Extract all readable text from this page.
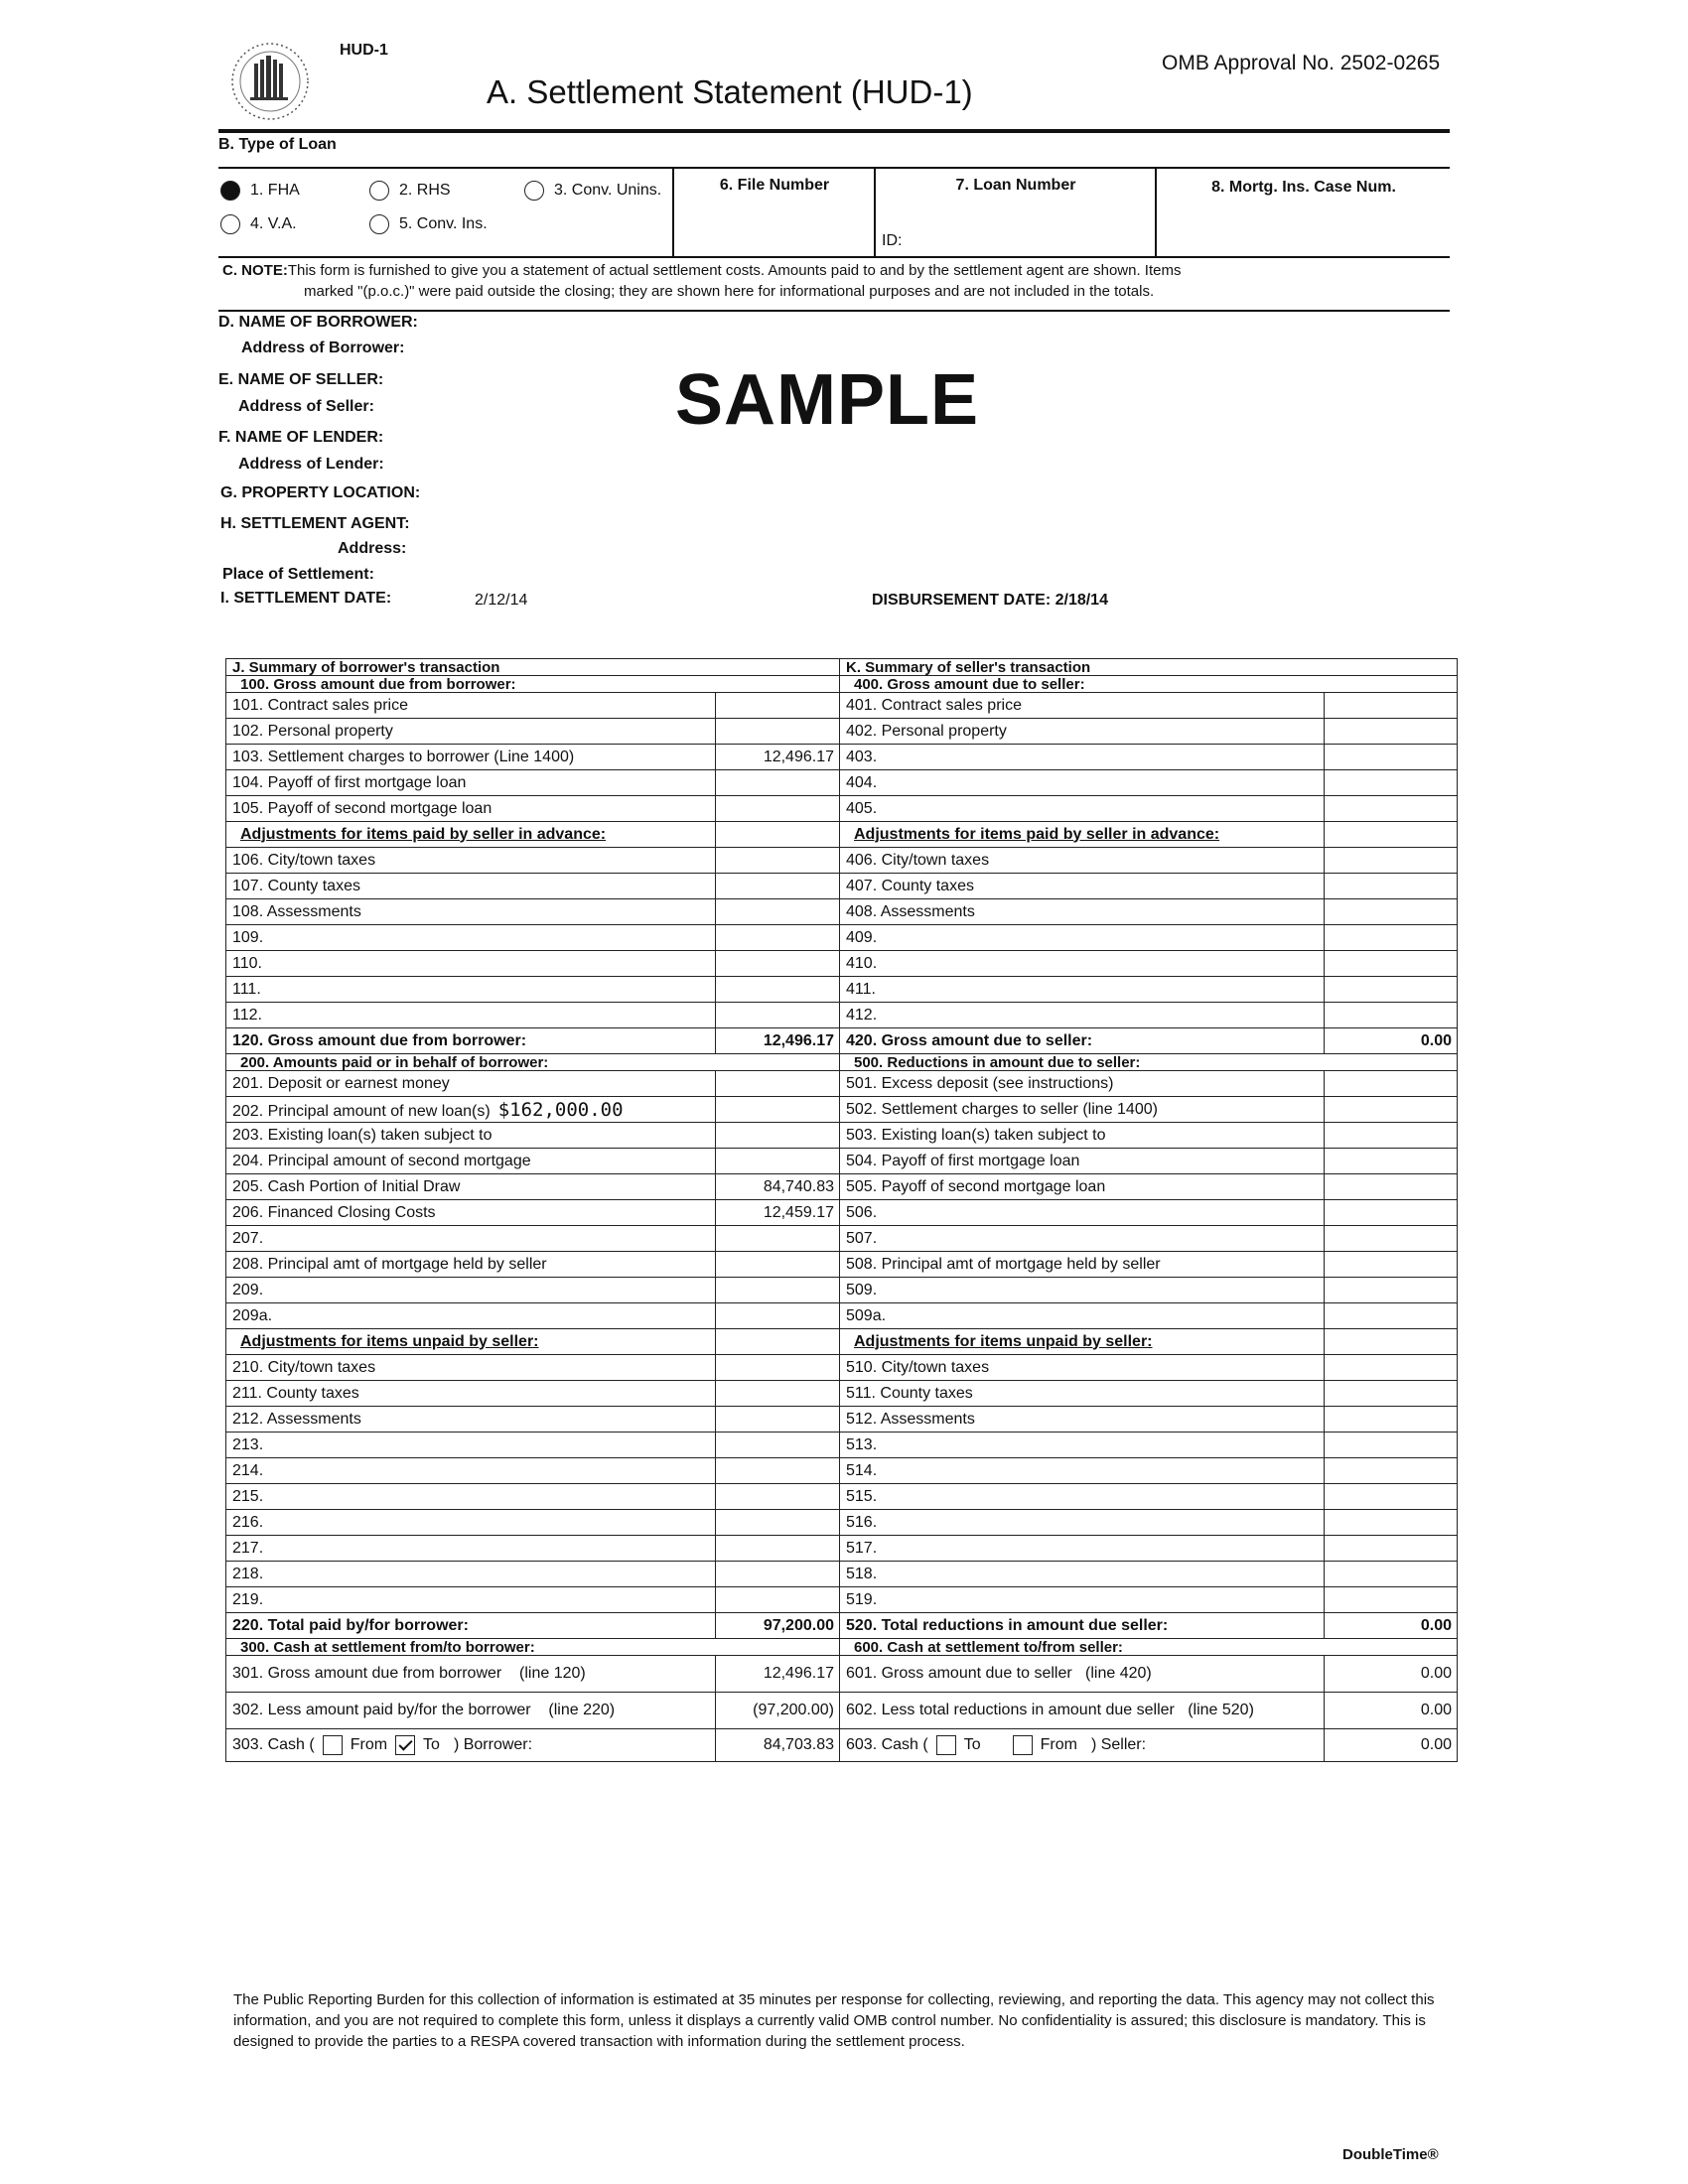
HUD-1
A. Settlement Statement (HUD-1)
OMB Approval No. 2502-0265
B. Type of Loan
1. FHA	2. RHS	3. Conv. Unins.
4. V.A.	5. Conv. Ins.
6. File Number	7. Loan Number
ID:
8. Mortg. Ins. Case Num.
C. NOTE:This form is furnished to give you a statement of actual settlement costs. Amounts paid to and by the settlement agent are shown. Items
marked "(p.o.c.)" were paid outside the closing; they are shown here for informational purposes and are not included in the totals.
D. NAME OF BORROWER:
Address of Borrower:
E. NAME OF SELLER:
Address of Seller:
F. NAME OF LENDER:
Address of Lender:
G. PROPERTY LOCATION:
H. SETTLEMENT AGENT:
Address:
Place of Settlement:
I. SETTLEMENT DATE:	2/12/14	DISBURSEMENT DATE: 2/18/14
SAMPLE
J. Summary of borrower's transaction		K. Summary of seller's transaction	
100. Gross amount due from borrower:		400. Gross amount due to seller:	
101. Contract sales price		401. Contract sales price	
102. Personal property		402. Personal property	
103. Settlement charges to borrower (Line 1400)	12,496.17	403.	
104. Payoff of first mortgage loan		404.	
105. Payoff of second mortgage loan		405.	
Adjustments for items paid by seller in advance:		Adjustments for items paid by seller in advance:	
106. City/town taxes		406. City/town taxes	
107. County taxes		407. County taxes	
108. Assessments		408. Assessments	
109.		409.	
110.		410.	
111.		411.	
112.		412.	
120. Gross amount due from borrower:	12,496.17	420. Gross amount due to seller:	0.00
200. Amounts paid or in behalf of borrower:		500. Reductions in amount due to seller:	
201. Deposit or earnest money		501. Excess deposit (see instructions)	
202. Principal amount of new loan(s) $162,000.00		502. Settlement charges to seller (line 1400)	
203. Existing loan(s) taken subject to		503. Existing loan(s) taken subject to	
204. Principal amount of second mortgage		504. Payoff of first mortgage loan	
205. Cash Portion of Initial Draw	84,740.83	505. Payoff of second mortgage loan	
206. Financed Closing Costs	12,459.17	506.	
207.		507.	
208. Principal amt of mortgage held by seller		508. Principal amt of mortgage held by seller	
209.		509.	
209a.		509a.	
Adjustments for items unpaid by seller:		Adjustments for items unpaid by seller:	
210. City/town taxes		510. City/town taxes	
211. County taxes		511. County taxes	
212. Assessments		512. Assessments	
213.		513.	
214.		514.	
215.		515.	
216.		516.	
217.		517.	
218.		518.	
219.		519.	
220. Total paid by/for borrower:	97,200.00	520. Total reductions in amount due seller:	0.00
300. Cash at settlement from/to borrower:		600. Cash at settlement to/from seller:	
301. Gross amount due from borrower    (line 120)	12,496.17	601. Gross amount due to seller   (line 420)	0.00
302. Less amount paid by/for the borrower    (line 220)	(97,200.00)	602. Less total reductions in amount due seller   (line 520)	0.00
303. Cash ( From To ) Borrower:	84,703.83	603. Cash ( To From ) Seller:	0.00
The Public Reporting Burden for this collection of information is estimated at 35 minutes per response for collecting, reviewing, and reporting the data. This agency may not collect this information, and you are not required to complete this form, unless it displays a currently valid OMB control number. No confidentiality is assured; this disclosure is mandatory. This is designed to provide the parties to a RESPA covered transaction with information during the settlement process.
DoubleTime®
